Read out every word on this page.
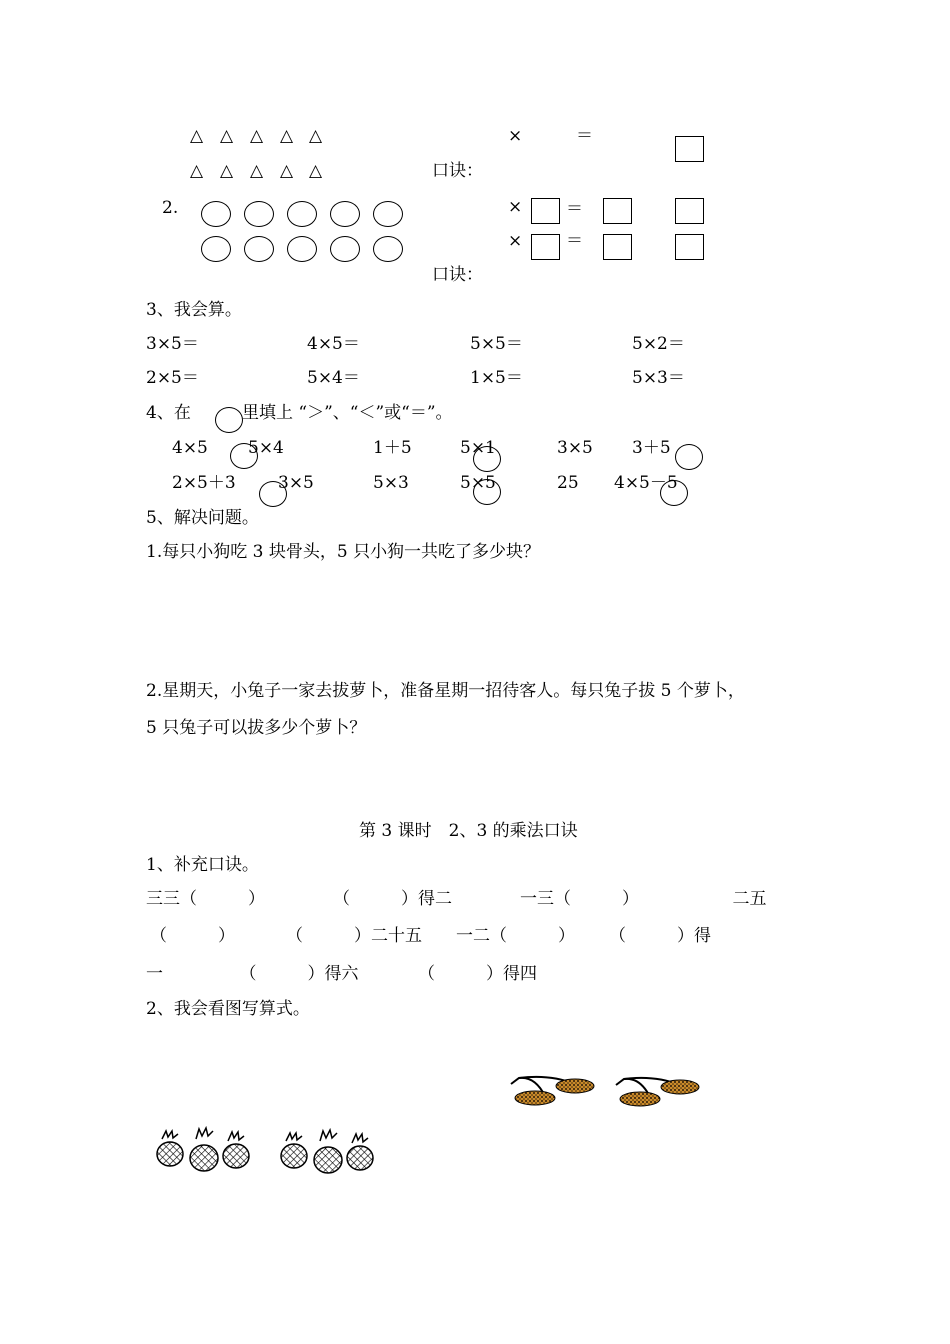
△ △ △ △ △
△ △ △ △ △
×	＝
口诀：
2.	×	＝
×	＝
口诀：
3、我会算。
3×5＝	4×5＝	5×5＝	5×2＝
2×5＝	5×4＝	1×5＝	5×3＝
4、在	里填上 “＞”、“＜”或“＝”。
4×5 5×4	1＋5	5×1	3×5 3＋5
2×5＋3 3×5	5×3	5×5	25 4×5－5
5、解决问题。
1.每只小狗吃 3 块骨头，5 只小狗一共吃了多少块？
2.星期天，小兔子一家去拔萝卜，准备星期一招待客人。每只兔子拔 5 个萝卜，
5 只兔子可以拔多少个萝卜？
第 3 课时　2、3 的乘法口诀
1、补充口诀。
三三（　　　）　　　　　（　　　）得二　　　　一三（　　　）　　　　　　二五
（　　　）　　　　（　　　）二十五　　一二（　　　）　　　（　　　）得
一　　　　　（　　　）得六　　　　（　　　）得四
2、我会看图写算式。
